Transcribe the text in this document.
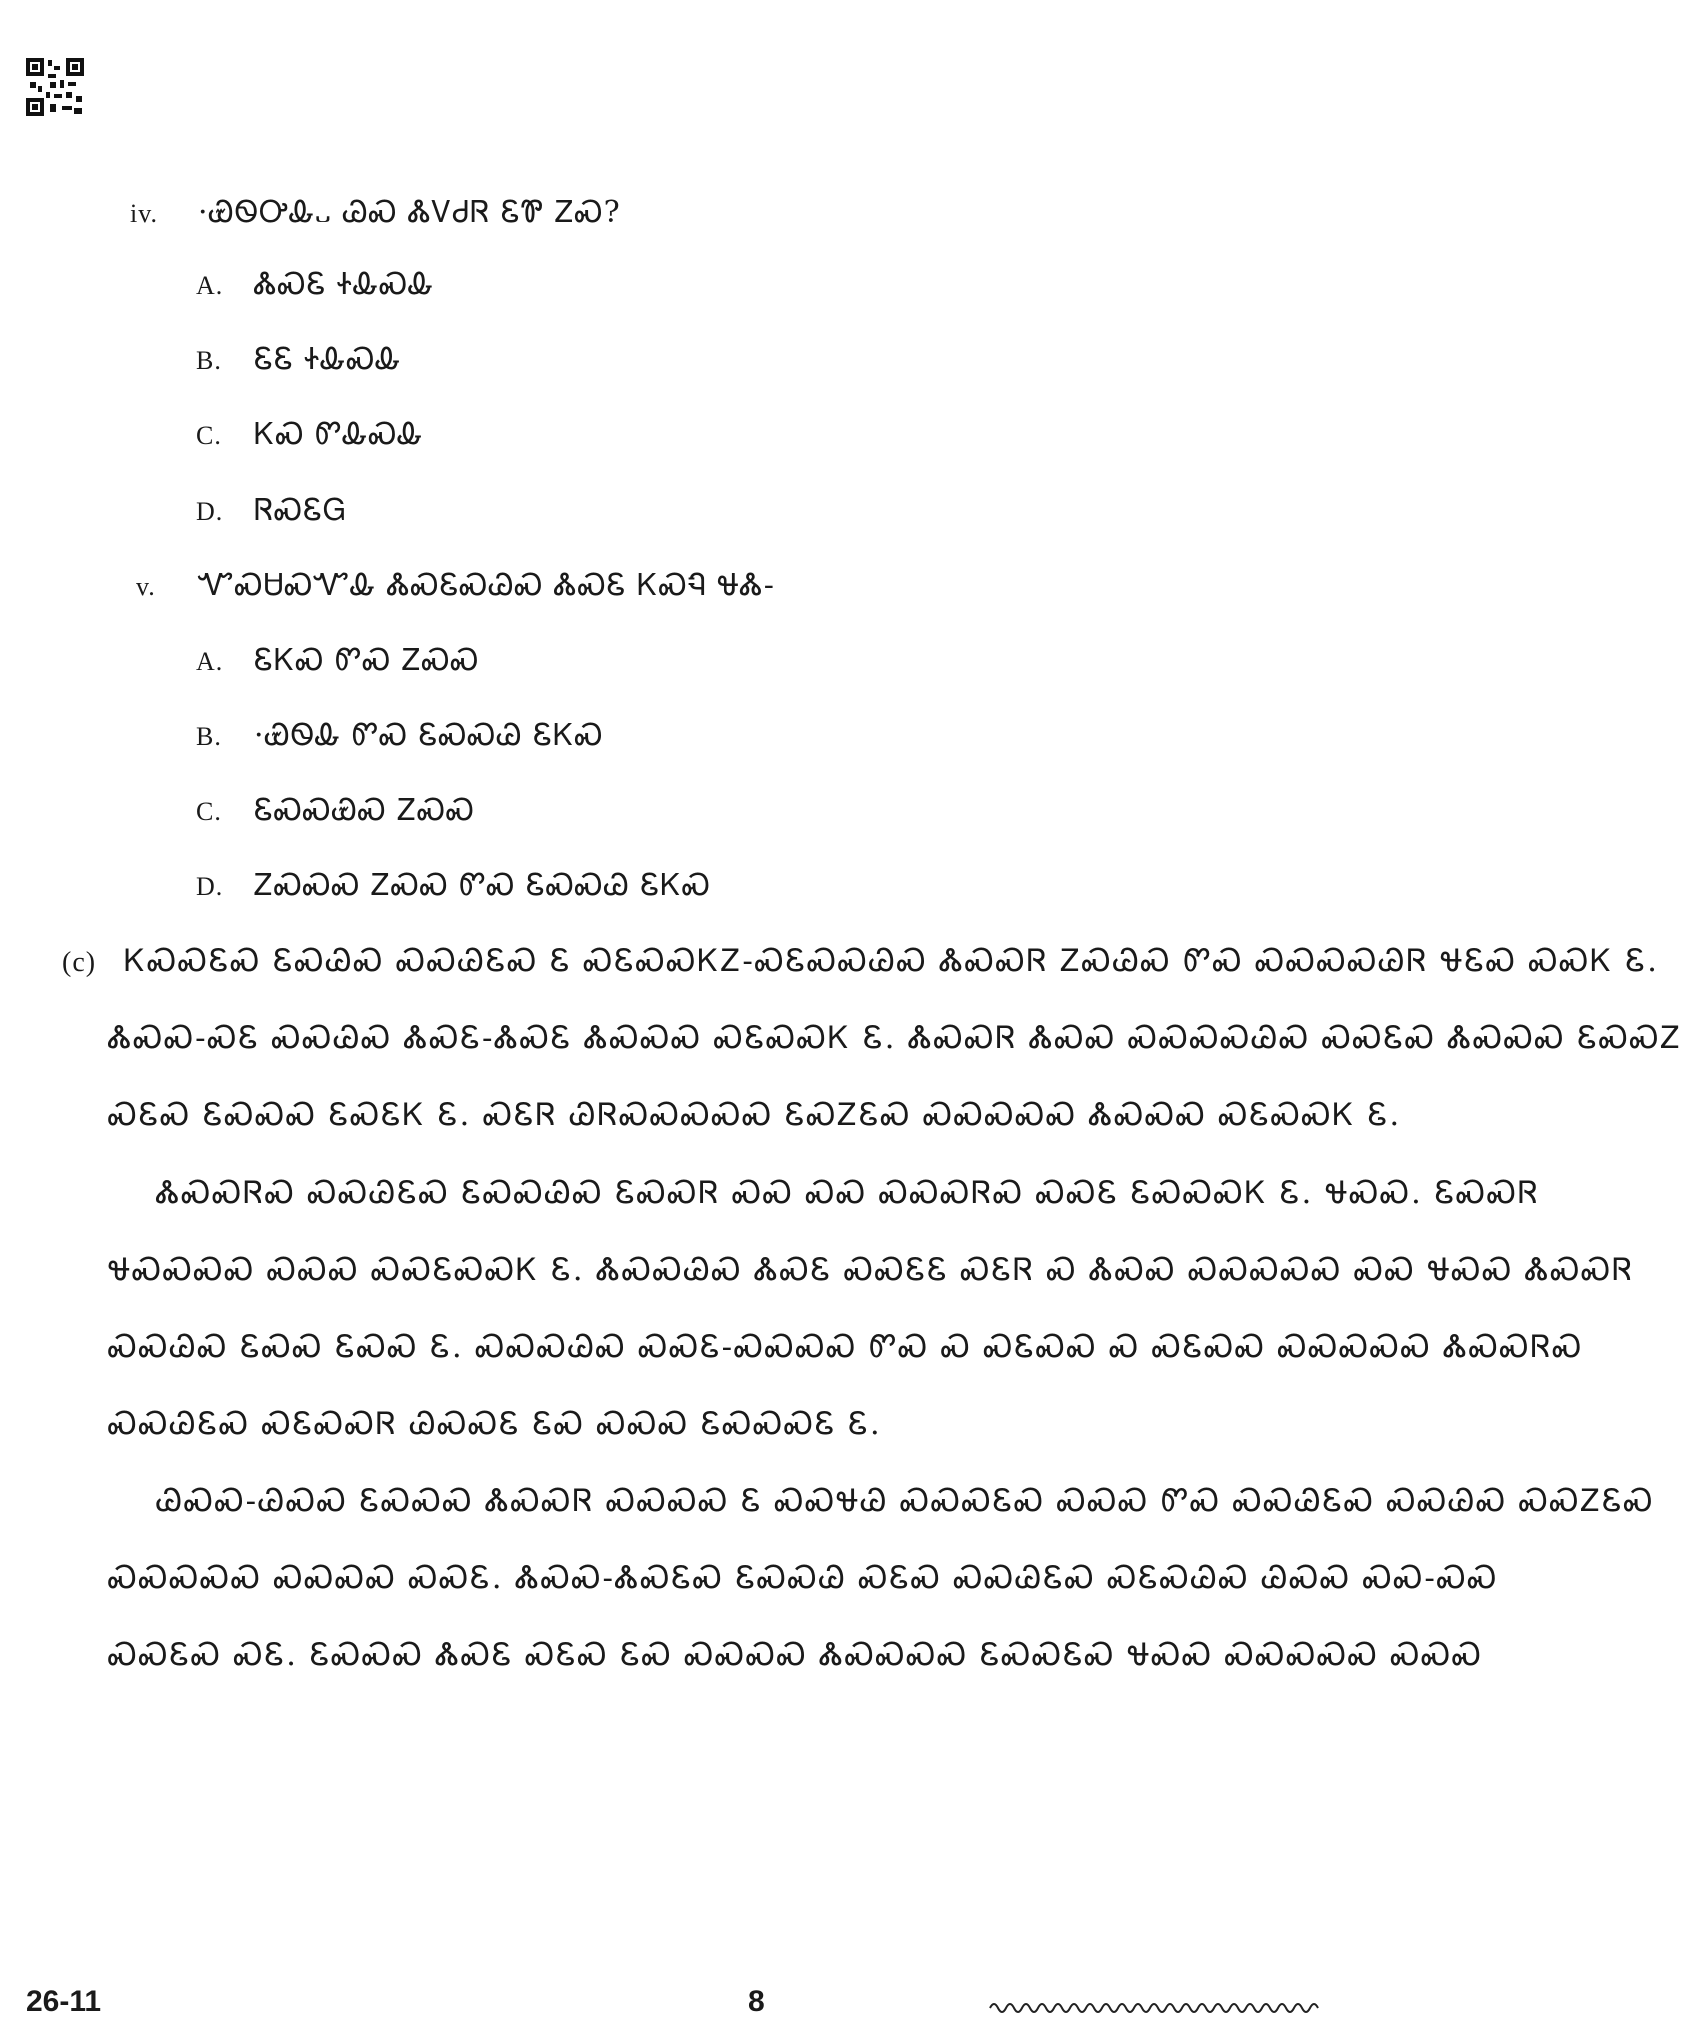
iv. ·ᏯᏫᎤᎲ᎑ ᏊᏍ ᏜᏙᏧᏒ ᏋᏈ ᏃᏍ?
A. ᏜᏍᏋ ᏐᎲᏍᎲ
B. ᏋᏋ ᏐᎲᏍᎲ
C. ᏦᏍ ᏛᎲᏍᎲ
D. ᏒᏍᏋᏀ
v. ᏉᏍᏌᏍᏉᎲ ᏜᏍᏋᏍᏊᏍ ᏜᏍᏋ ᏦᏍᏄ ᏠᏜ-
A. ᏋᏦᏍ ᏛᏍ ᏃᏍᏍ
B. ·ᏯᏫᎲ ᏛᏍ ᏋᏍᏍᏊ ᏋᏦᏍ
C. ᏋᏍᏍᏯᏍ ᏃᏍᏍ
D. ᏃᏍᏍᏍ ᏃᏍᏍ ᏛᏍ ᏋᏍᏍᏊ ᏋᏦᏍ
(c) ᏦᏍᏍᏋᏍ ᏋᏍᏊᏍ ᏍᏍᏊᏋᏍ Ꮛ ᏍᏋᏍᏍᏦᏃ-ᏍᏋᏍᏍᏊᏍ ᏜᏍᏍᏒ ᏃᏍᏊᏍ ᏛᏍ ᏍᏍᏍᏍᏊᏒ ᏠᏋᏍ ᏍᏍᏦ Ꮛ.
ᏜᏍᏍ-ᏍᏋ ᏍᏍᏊᏍ ᏜᏍᏋ-ᏜᏍᏋ ᏜᏍᏍᏍ ᏍᏋᏍᏍᏦ Ꮛ. ᏜᏍᏍᏒ ᏜᏍᏍ ᏍᏍᏍᏍᏊᏍ ᏍᏍᏋᏍ ᏜᏍᏍᏍ ᏋᏍᏍᏃ
ᏍᏋᏍ ᏋᏍᏍᏍ ᏋᏍᏋᏦ Ꮛ. ᏍᏋᏒ ᏊᏒᏍᏍᏍᏍᏍ ᏋᏍᏃᏋᏍ ᏍᏍᏍᏍᏍ ᏜᏍᏍᏍ ᏍᏋᏍᏍᏦ Ꮛ.
ᏜᏍᏍᏒᏍ ᏍᏍᏊᏋᏍ ᏋᏍᏍᏊᏍ ᏋᏍᏍᏒ ᏍᏍ ᏍᏍ ᏍᏍᏍᏒᏍ ᏍᏍᏋ ᏋᏍᏍᏍᏦ Ꮛ. ᏠᏍᏍ. ᏋᏍᏍᏒ
ᏠᏍᏍᏍᏍ ᏍᏍᏍ ᏍᏍᏋᏍᏍᏦ Ꮛ. ᏜᏍᏍᏊᏍ ᏜᏍᏋ ᏍᏍᏋᏋ ᏍᏋᏒ Ꮝ ᏜᏍᏍ ᏍᏍᏍᏍᏍ ᏍᏍ ᏠᏍᏍ ᏜᏍᏍᏒ
ᏍᏍᏊᏍ ᏋᏍᏍ ᏋᏍᏍ Ꮛ. ᏍᏍᏍᏊᏍ ᏍᏍᏋ-ᏍᏍᏍᏍ ᏛᏍ Ꮝ ᏍᏋᏍᏍ Ꮝ ᏍᏋᏍᏍ ᏍᏍᏍᏍᏍ ᏜᏍᏍᏒᏍ
ᏍᏍᏊᏋᏍ ᏍᏋᏍᏍᏒ ᏊᏍᏍᏋ ᏋᏍ ᏍᏍᏍ ᏋᏍᏍᏍᏋ Ꮛ.
ᏊᏍᏍ-ᏊᏍᏍ ᏋᏍᏍᏍ ᏜᏍᏍᏒ ᏍᏍᏍᏍ Ꮛ ᏍᏍᏠᏊ ᏍᏍᏍᏋᏍ ᏍᏍᏍ ᏛᏍ ᏍᏍᏊᏋᏍ ᏍᏍᏊᏍ ᏍᏍᏃᏋᏍ
ᏍᏍᏍᏍᏍ ᏍᏍᏍᏍ ᏍᏍᏋ. ᏜᏍᏍ-ᏜᏍᏋᏍ ᏋᏍᏍᏊ ᏍᏋᏍ ᏍᏍᏊᏋᏍ ᏍᏋᏍᏊᏍ ᏊᏍᏍ ᏍᏍ-ᏍᏍ
ᏍᏍᏋᏍ ᏍᏋ. ᏋᏍᏍᏍ ᏜᏍᏋ ᏍᏋᏍ ᏋᏍ ᏍᏍᏍᏍ ᏜᏍᏍᏍᏍ ᏋᏍᏍᏋᏍ ᏠᏍᏍ ᏍᏍᏍᏍᏍ ᏍᏍᏍ
26-11	8
